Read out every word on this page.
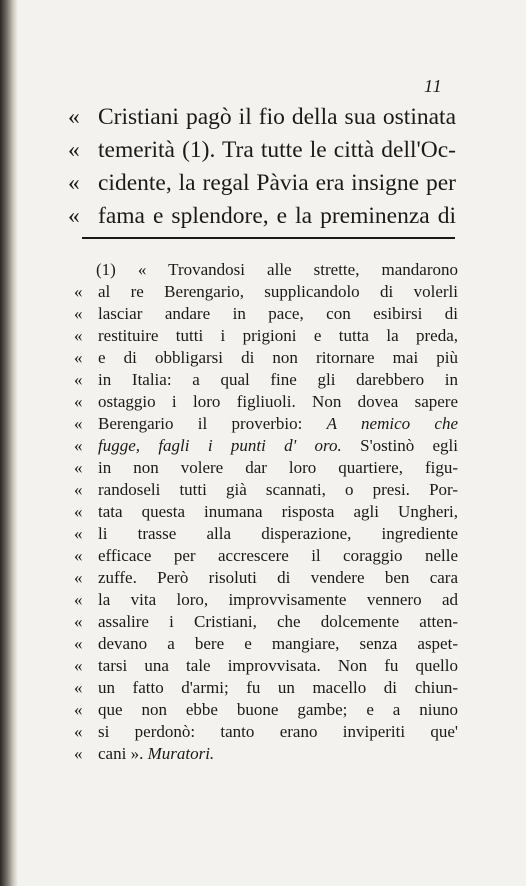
11
« Cristiani pagò il fio della sua ostinata
« temerità (1). Tra tutte le città dell'Oc-
« cidente, la regal Pàvia era insigne per
« fama e splendore, e la preminenza di
(1) « Trovandosi alle strette, mandarono
« al re Berengario, supplicandolo di volerli
« lasciar andare in pace, con esibirsi di
« restituire tutti i prigioni e tutta la preda,
« e di obbligarsi di non ritornare mai più
« in Italia: a qual fine gli darebbero in
« ostaggio i loro figliuoli. Non dovea sapere
« Berengario il proverbio: A nemico che
« fugge, fagli i punti d' oro. S'ostinò egli
« in non volere dar loro quartiere, figu-
« randoseli tutti già scannati, o presi. Por-
« tata questa inumana risposta agli Ungheri,
« li trasse alla disperazione, ingrediente
« efficace per accrescere il coraggio nelle
« zuffe. Però risoluti di vendere ben cara
« la vita loro, improvvisamente vennero ad
« assalire i Cristiani, che dolcemente atten-
« devano a bere e mangiare, senza aspet-
« tarsi una tale improvvisata. Non fu quello
« un fatto d'armi; fu un macello di chiun-
« que non ebbe buone gambe; e a niuno
« si perdonò: tanto erano inviperiti que'
« cani ». Muratori.
